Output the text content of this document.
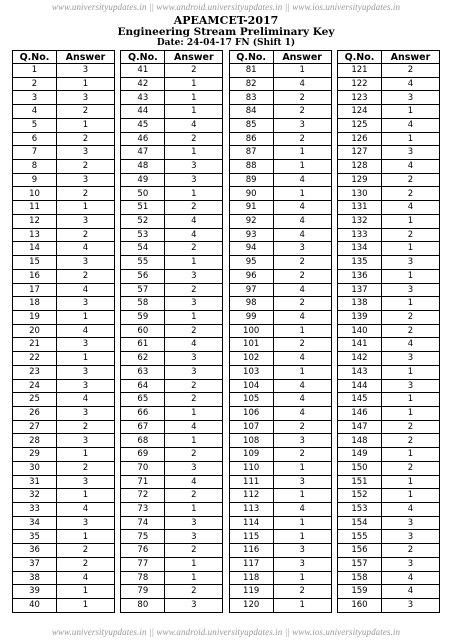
www.universityupdates.in || www.android.universityupdates.in || www.ios.universityupdates.in
APEAMCET-2017
Engineering Stream Preliminary Key
Date: 24-04-17 FN (Shift 1)
Q.No.	Answer
1	3
2	1
3	3
4	2
5	1
6	2
7	3
8	2
9	3
10	2
11	1
12	3
13	2
14	4
15	3
16	2
17	4
18	3
19	1
20	4
21	3
22	1
23	3
24	3
25	4
26	3
27	2
28	3
29	1
30	2
31	3
32	1
33	4
34	3
35	1
36	2
37	2
38	4
39	1
40	1
Q.No.	Answer
41	2
42	1
43	1
44	1
45	4
46	2
47	1
48	3
49	3
50	1
51	2
52	4
53	4
54	2
55	1
56	3
57	2
58	3
59	1
60	2
61	4
62	3
63	3
64	2
65	2
66	1
67	4
68	1
69	2
70	3
71	4
72	2
73	1
74	3
75	3
76	2
77	1
78	1
79	2
80	3
Q.No.	Answer
81	1
82	4
83	2
84	2
85	3
86	2
87	1
88	1
89	4
90	1
91	4
92	4
93	4
94	3
95	2
96	2
97	4
98	2
99	4
100	1
101	2
102	4
103	1
104	4
105	4
106	4
107	2
108	3
109	2
110	1
111	3
112	1
113	4
114	1
115	1
116	3
117	3
118	1
119	2
120	1
Q.No.	Answer
121	2
122	4
123	3
124	1
125	4
126	1
127	3
128	4
129	2
130	2
131	4
132	1
133	2
134	1
135	3
136	1
137	3
138	1
139	2
140	2
141	4
142	3
143	1
144	3
145	1
146	1
147	2
148	2
149	1
150	2
151	1
152	1
153	4
154	3
155	3
156	2
157	3
158	4
159	4
160	3
www.universityupdates.in || www.android.universityupdates.in || www.ios.universityupdates.in
